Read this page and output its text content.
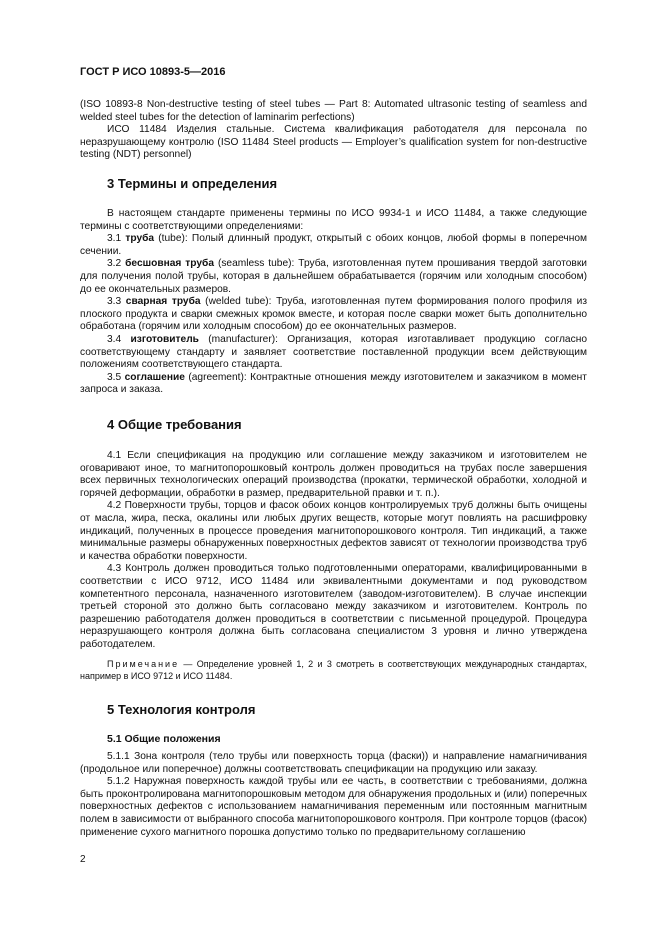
ГОСТ Р ИСО 10893-5—2016

(ISO 10893-8 Non-destructive testing of steel tubes — Part 8: Automated ultrasonic testing of seamless and welded steel tubes for the detection of laminarim perfections)

ИСО 11484 Изделия стальные. Система квалификация работодателя для персонала по неразрушающему контролю (ISO 11484 Steel products — Employer’s qualification system for non-destructive testing (NDT) personnel)

3 Термины и определения

В настоящем стандарте применены термины по ИСО 9934-1 и ИСО 11484, а также следующие термины с соответствующими определениями:

3.1 труба (tube): Полый длинный продукт, открытый с обоих концов, любой формы в поперечном сечении.

3.2 бесшовная труба (seamless tube): Труба, изготовленная путем прошивания твердой заготовки для получения полой трубы, которая в дальнейшем обрабатывается (горячим или холодным способом) до ее окончательных размеров.

3.3 сварная труба (welded tube): Труба, изготовленная путем формирования полого профиля из плоского продукта и сварки смежных кромок вместе, и которая после сварки может быть дополнительно обработана (горячим или холодным способом) до ее окончательных размеров.

3.4 изготовитель (manufacturer): Организация, которая изготавливает продукцию согласно соответствующему стандарту и заявляет соответствие поставленной продукции всем действующим положениям соответствующего стандарта.

3.5 соглашение (agreement): Контрактные отношения между изготовителем и заказчиком в момент запроса и заказа.

4 Общие требования

4.1 Если спецификация на продукцию или соглашение между заказчиком и изготовителем не оговаривают иное, то магнитопорошковый контроль должен проводиться на трубах после завершения всех первичных технологических операций производства (прокатки, термической обработки, холодной и горячей деформации, обработки в размер, предварительной правки и т. п.).

4.2 Поверхности трубы, торцов и фасок обоих концов контролируемых труб должны быть очищены от масла, жира, песка, окалины или любых других веществ, которые могут повлиять на расшифровку индикаций, полученных в процессе проведения магнитопорошкового контроля. Тип индикаций, а также минимальные размеры обнаруженных поверхностных дефектов зависят от технологии производства труб и качества обработки поверхности.

4.3 Контроль должен проводиться только подготовленными операторами, квалифицированными в соответствии с ИСО 9712, ИСО 11484 или эквивалентными документами и под руководством компетентного персонала, назначенного изготовителем (заводом-изготовителем). В случае инспекции третьей стороной это должно быть согласовано между заказчиком и изготовителем. Контроль по разрешению работодателя должен проводиться в соответствии с письменной процедурой. Процедура неразрушающего контроля должна быть согласована специалистом 3 уровня и лично утверждена работодателем.

Примечание — Определение уровней 1, 2 и 3 смотреть в соответствующих международных стандартах, например в ИСО 9712 и ИСО 11484.

5 Технология контроля
5.1 Общие положения

5.1.1 Зона контроля (тело трубы или поверхность торца (фаски)) и направление намагничивания (продольное или поперечное) должны соответствовать спецификации на продукцию или заказу.

5.1.2 Наружная поверхность каждой трубы или ее часть, в соответствии с требованиями, должна быть проконтролирована магнитопорошковым методом для обнаружения продольных и (или) поперечных поверхностных дефектов с использованием намагничивания переменным или постоянным магнитным полем в зависимости от выбранного способа магнитопорошкового контроля. При контроле торцов (фасок) применение сухого магнитного порошка допустимо только по предварительному соглашению

2
